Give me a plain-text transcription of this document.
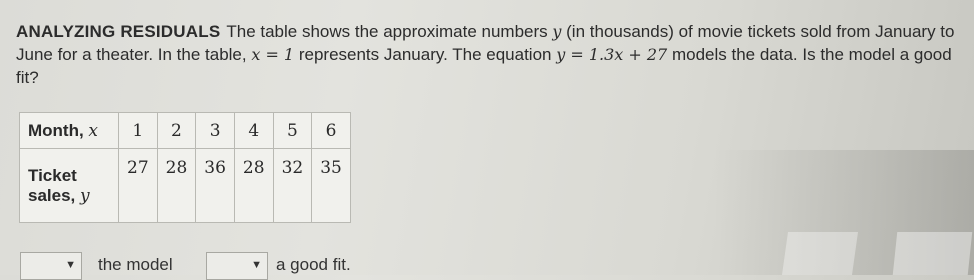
ANALYZING RESIDUALS The table shows the approximate numbers y (in thousands) of movie tickets sold from January to June for a theater. In the table, x = 1 represents January. The equation y = 1.3x + 27 models the data. Is the model a good fit?
Month, x	1	2	3	4	5	6
Ticket
sales, y	27	28	36	28	32	35
▼ the model	▼ a good fit.
